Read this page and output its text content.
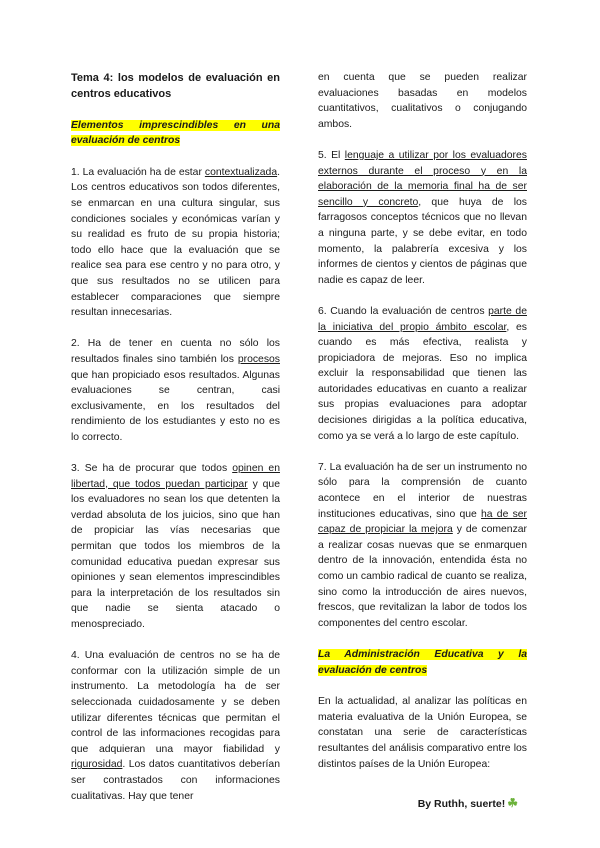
Tema 4: los modelos de evaluación en centros educativos

Elementos imprescindibles en una evaluación de centros

1. La evaluación ha de estar contextualizada. Los centros educativos son todos diferentes, se enmarcan en una cultura singular, sus condiciones sociales y económicas varían y su realidad es fruto de su propia historia; todo ello hace que la evaluación que se realice sea para ese centro y no para otro, y que sus resultados no se utilicen para establecer comparaciones que siempre resultan innecesarias.

2. Ha de tener en cuenta no sólo los resultados finales sino también los procesos que han propiciado esos resultados. Algunas evaluaciones se centran, casi exclusivamente, en los resultados del rendimiento de los estudiantes y esto no es lo correcto.

3. Se ha de procurar que todos opinen en libertad, que todos puedan participar y que los evaluadores no sean los que detenten la verdad absoluta de los juicios, sino que han de propiciar las vías necesarias que permitan que todos los miembros de la comunidad educativa puedan expresar sus opiniones y sean elementos imprescindibles para la interpretación de los resultados sin que nadie se sienta atacado o menospreciado.

4. Una evaluación de centros no se ha de conformar con la utilización simple de un instrumento. La metodología ha de ser seleccionada cuidadosamente y se deben utilizar diferentes técnicas que permitan el control de las informaciones recogidas para que adquieran una mayor fiabilidad y rigurosidad. Los datos cuantitativos deberían ser contrastados con informaciones cualitativas. Hay que tener

en cuenta que se pueden realizar evaluaciones basadas en modelos cuantitativos, cualitativos o conjugando ambos.

5. El lenguaje a utilizar por los evaluadores externos durante el proceso y en la elaboración de la memoria final ha de ser sencillo y concreto, que huya de los farragosos conceptos técnicos que no llevan a ninguna parte, y se debe evitar, en todo momento, la palabrería excesiva y los informes de cientos y cientos de páginas que nadie es capaz de leer.

6. Cuando la evaluación de centros parte de la iniciativa del propio ámbito escolar, es cuando es más efectiva, realista y propiciadora de mejoras. Eso no implica excluir la responsabilidad que tienen las autoridades educativas en cuanto a realizar sus propias evaluaciones para adoptar decisiones dirigidas a la política educativa, como ya se verá a lo largo de este capítulo.

7. La evaluación ha de ser un instrumento no sólo para la comprensión de cuanto acontece en el interior de nuestras instituciones educativas, sino que ha de ser capaz de propiciar la mejora y de comenzar a realizar cosas nuevas que se enmarquen dentro de la innovación, entendida ésta no como un cambio radical de cuanto se realiza, sino como la introducción de aires nuevos, frescos, que revitalizan la labor de todos los componentes del centro escolar.

La Administración Educativa y la evaluación de centros

En la actualidad, al analizar las políticas en materia evaluativa de la Unión Europea, se constatan una serie de características resultantes del análisis comparativo entre los distintos países de la Unión Europea:

By Ruthh, suerte! ☘
